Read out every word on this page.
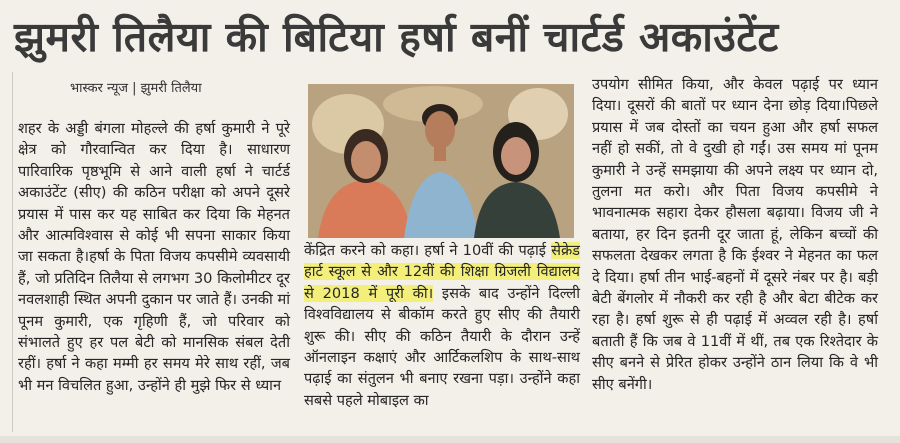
झुमरी तिलैया की बिटिया हर्षा बनीं चार्टर्ड अकाउंटेंट
भास्कर न्यूज | झुमरी तिलैया

शहर के अड्डी बंगला मोहल्ले की हर्षा कुमारी ने पूरे क्षेत्र को गौरवान्वित कर दिया है। साधारण पारिवारिक पृष्ठभूमि से आने वाली हर्षा ने चार्टर्ड अकाउंटेंट (सीए) की कठिन परीक्षा को अपने दूसरे प्रयास में पास कर यह साबित कर दिया कि मेहनत और आत्मविश्वास से कोई भी सपना साकार किया जा सकता है।हर्षा के पिता विजय कपसीमे व्यवसायी हैं, जो प्रतिदिन तिलैया से लगभग 30 किलोमीटर दूर नवलशाही स्थित अपनी दुकान पर जाते हैं। उनकी मां पूनम कुमारी, एक गृहिणी हैं, जो परिवार को संभालते हुए हर पल बेटी को मानसिक संबल देती रहीं। हर्षा ने कहा मम्मी हर समय मेरे साथ रहीं, जब भी मन विचलित हुआ, उन्होंने ही मुझे फिर से ध्यान

केंद्रित करने को कहा। हर्षा ने 10वीं की पढ़ाई सेक्रेड हार्ट स्कूल से और 12वीं की शिक्षा ग्रिजली विद्यालय से 2018 में पूरी की। इसके बाद उन्होंने दिल्ली विश्वविद्यालय से बीकॉम करते हुए सीए की तैयारी शुरू की। सीए की कठिन तैयारी के दौरान उन्हें ऑनलाइन कक्षाएं और आर्टिकलशिप के साथ-साथ पढ़ाई का संतुलन भी बनाए रखना पड़ा। उन्होंने कहा सबसे पहले मोबाइल का

उपयोग सीमित किया, और केवल पढ़ाई पर ध्यान दिया। दूसरों की बातों पर ध्यान देना छोड़ दिया।पिछले प्रयास में जब दोस्तों का चयन हुआ और हर्षा सफल नहीं हो सकीं, तो वे दुखी हो गईं। उस समय मां पूनम कुमारी ने उन्हें समझाया की अपने लक्ष्य पर ध्यान दो, तुलना मत करो। और पिता विजय कपसीमे ने भावनात्मक सहारा देकर हौसला बढ़ाया। विजय जी ने बताया, हर दिन इतनी दूर जाता हूं, लेकिन बच्चों की सफलता देखकर लगता है कि ईश्वर ने मेहनत का फल दे दिया। हर्षा तीन भाई-बहनों में दूसरे नंबर पर है। बड़ी बेटी बेंगलोर में नौकरी कर रही है और बेटा बीटेक कर रहा है। हर्षा शुरू से ही पढ़ाई में अव्वल रही है। हर्षा बताती हैं कि जब वे 11वीं में थीं, तब एक रिश्तेदार के सीए बनने से प्रेरित होकर उन्होंने ठान लिया कि वे भी सीए बनेंगी।
